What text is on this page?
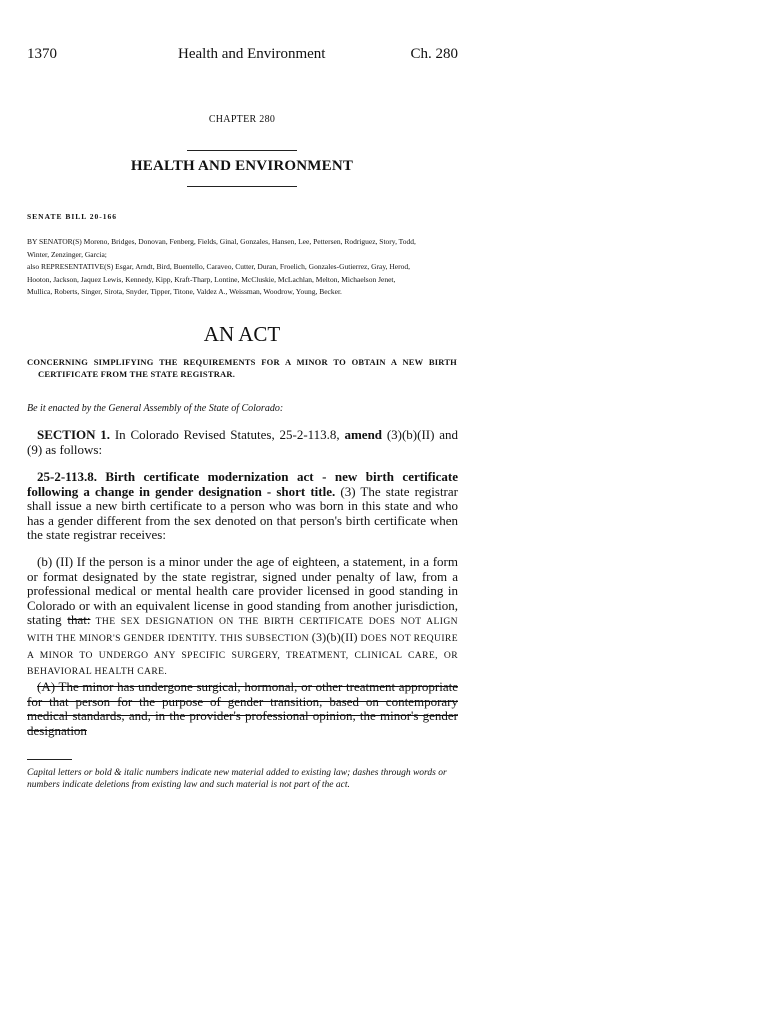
1370	Health and Environment	Ch. 280
CHAPTER 280
HEALTH AND ENVIRONMENT
SENATE BILL 20-166
BY SENATOR(S) Moreno, Bridges, Donovan, Fenberg, Fields, Ginal, Gonzales, Hansen, Lee, Pettersen, Rodriguez, Story, Todd,
Winter, Zenzinger, Garcia;
also REPRESENTATIVE(S) Esgar, Arndt, Bird, Buentello, Caraveo, Cutter, Duran, Froelich, Gonzales-Gutierrez, Gray, Herod,
Hooton, Jackson, Jaquez Lewis, Kennedy, Kipp, Kraft-Tharp, Lontine, McCluskie, McLachlan, Melton, Michaelson Jenet,
Mullica, Roberts, Singer, Sirota, Snyder, Tipper, Titone, Valdez A., Weissman, Woodrow, Young, Becker.
AN ACT
CONCERNING SIMPLIFYING THE REQUIREMENTS FOR A MINOR TO OBTAIN A NEW BIRTH
CERTIFICATE FROM THE STATE REGISTRAR.
Be it enacted by the General Assembly of the State of Colorado:
SECTION 1. In Colorado Revised Statutes, 25-2-113.8, amend (3)(b)(II) and (9) as follows:
25-2-113.8. Birth certificate modernization act - new birth certificate following a change in gender designation - short title. (3) The state registrar shall issue a new birth certificate to a person who was born in this state and who has a gender different from the sex denoted on that person's birth certificate when the state registrar receives:
(b) (II) If the person is a minor under the age of eighteen, a statement, in a form or format designated by the state registrar, signed under penalty of law, from a professional medical or mental health care provider licensed in good standing in Colorado or with an equivalent license in good standing from another jurisdiction, stating that: THE SEX DESIGNATION ON THE BIRTH CERTIFICATE DOES NOT ALIGN WITH THE MINOR'S GENDER IDENTITY. THIS SUBSECTION (3)(b)(II) DOES NOT REQUIRE A MINOR TO UNDERGO ANY SPECIFIC SURGERY, TREATMENT, CLINICAL CARE, OR BEHAVIORAL HEALTH CARE.
(A) The minor has undergone surgical, hormonal, or other treatment appropriate for that person for the purpose of gender transition, based on contemporary medical standards, and, in the provider's professional opinion, the minor's gender designation
Capital letters or bold & italic numbers indicate new material added to existing law; dashes through words or numbers indicate deletions from existing law and such material is not part of the act.
